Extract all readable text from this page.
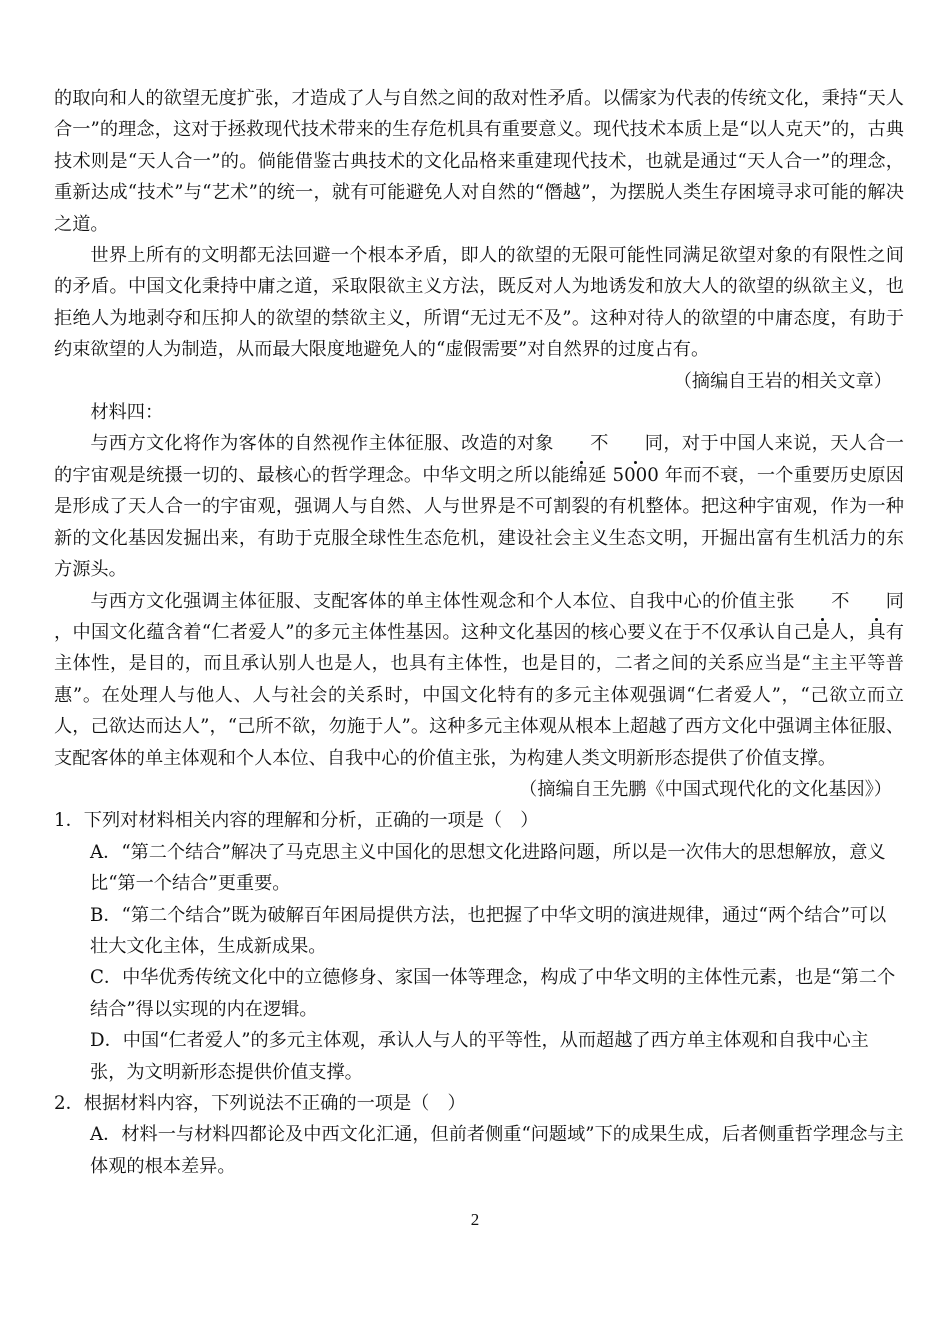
的取向和人的欲望无度扩张，才造成了人与自然之间的敌对性矛盾。以儒家为代表的传统文化，秉持“天人合一”的理念，这对于拯救现代技术带来的生存危机具有重要意义。现代技术本质上是“以人克天”的，古典技术则是“天人合一”的。倘能借鉴古典技术的文化品格来重建现代技术，也就是通过“天人合一”的理念，重新达成“技术”与“艺术”的统一，就有可能避免人对自然的“僭越”，为摆脱人类生存困境寻求可能的解决之道。

世界上所有的文明都无法回避一个根本矛盾，即人的欲望的无限可能性同满足欲望对象的有限性之间的矛盾。中国文化秉持中庸之道，采取限欲主义方法，既反对人为地诱发和放大人的欲望的纵欲主义，也拒绝人为地剥夺和压抑人的欲望的禁欲主义，所谓“无过无不及”。这种对待人的欲望的中庸态度，有助于约束欲望的人为制造，从而最大限度地避免人的“虚假需要”对自然界的过度占有。

（摘编自王岩的相关文章）

材料四：

与西方文化将作为客体的自然视作主体征服、改造的对象 不 同，对于中国人来说，天人合一的宇宙观是统摄一切的、最核心的哲学理念。中华文明之所以能绵延 5000 年而不衰，一个重要历史原因是形成了天人合一的宇宙观，强调人与自然、人与世界是不可割裂的有机整体。把这种宇宙观，作为一种新的文化基因发掘出来，有助于克服全球性生态危机，建设社会主义生态文明，开掘出富有生机活力的东方源头。

与西方文化强调主体征服、支配客体的单主体性观念和个人本位、自我中心的价值主张 不 同，中国文化蕴含着“仁者爱人”的多元主体性基因。这种文化基因的核心要义在于不仅承认自己是人，具有主体性，是目的，而且承认别人也是人，也具有主体性，也是目的，二者之间的关系应当是“主主平等普惠”。在处理人与他人、人与社会的关系时，中国文化特有的多元主体观强调“仁者爱人”，“己欲立而立人，己欲达而达人”，“己所不欲，勿施于人”。这种多元主体观从根本上超越了西方文化中强调主体征服、支配客体的单主体观和个人本位、自我中心的价值主张，为构建人类文明新形态提供了价值支撑。

（摘编自王先鹏《中国式现代化的文化基因》）

1．下列对材料相关内容的理解和分析，正确的一项是（　）

A．“第二个结合”解决了马克思主义中国化的思想文化进路问题，所以是一次伟大的思想解放，意义比“第一个结合”更重要。

B．“第二个结合”既为破解百年困局提供方法，也把握了中华文明的演进规律，通过“两个结合”可以壮大文化主体，生成新成果。

C．中华优秀传统文化中的立德修身、家国一体等理念，构成了中华文明的主体性元素，也是“第二个结合”得以实现的内在逻辑。

D．中国“仁者爱人”的多元主体观，承认人与人的平等性，从而超越了西方单主体观和自我中心主张，为文明新形态提供价值支撑。

2．根据材料内容，下列说法不正确的一项是（　）

A．材料一与材料四都论及中西文化汇通，但前者侧重“问题域”下的成果生成，后者侧重哲学理念与主体观的根本差异。

2
